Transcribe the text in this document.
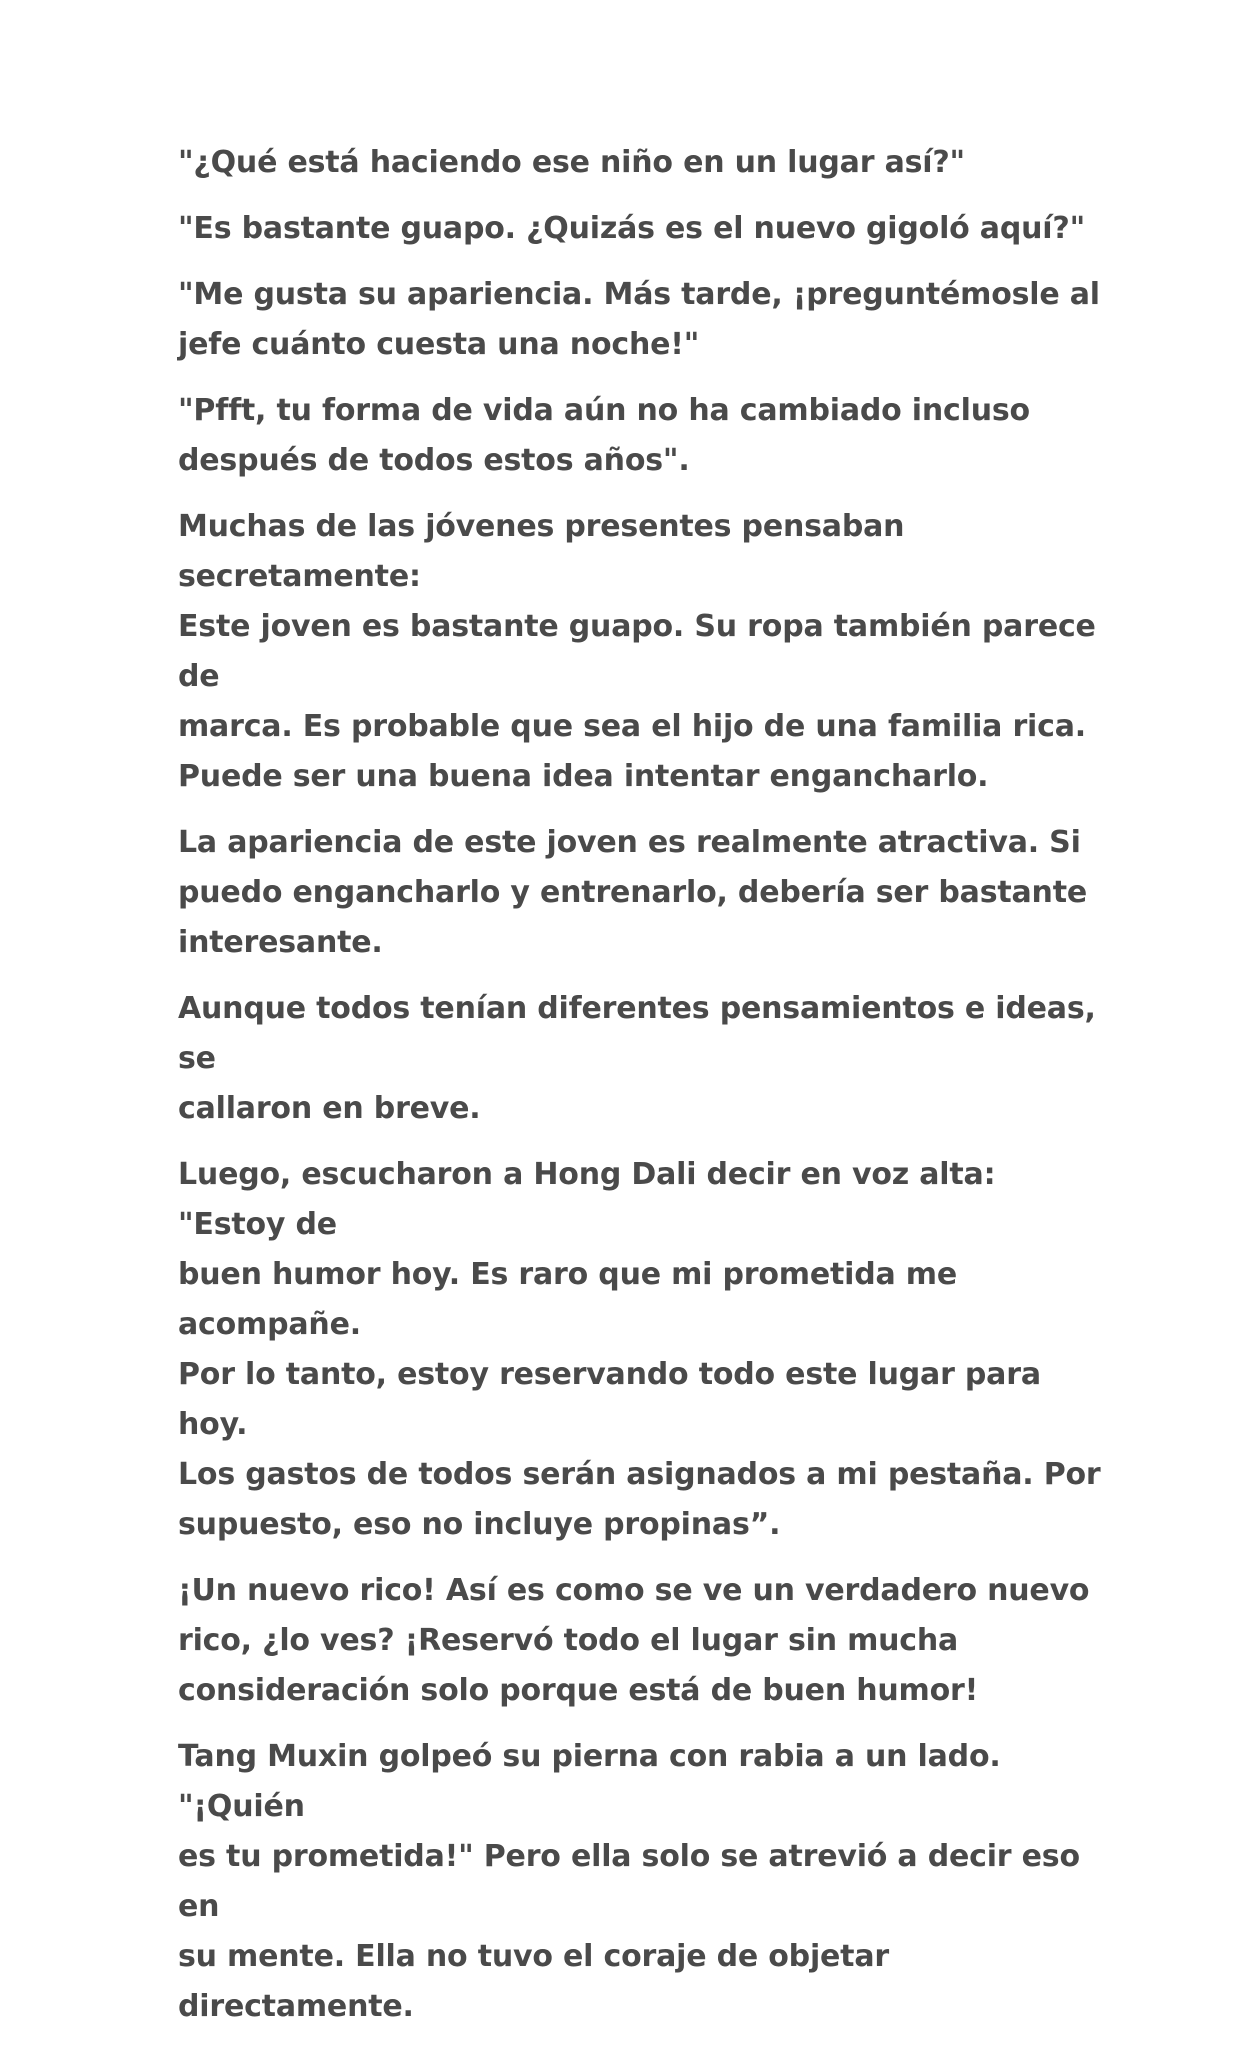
"¿Qué está haciendo ese niño en un lugar así?"

"Es bastante guapo. ¿Quizás es el nuevo gigoló aquí?"

"Me gusta su apariencia. Más tarde, ¡preguntémosle al
jefe cuánto cuesta una noche!"

"Pfft, tu forma de vida aún no ha cambiado incluso
después de todos estos años".

Muchas de las jóvenes presentes pensaban secretamente:
Este joven es bastante guapo. Su ropa también parece de
marca. Es probable que sea el hijo de una familia rica.
Puede ser una buena idea intentar engancharlo.

La apariencia de este joven es realmente atractiva. Si
puedo engancharlo y entrenarlo, debería ser bastante
interesante.

Aunque todos tenían diferentes pensamientos e ideas, se
callaron en breve.

Luego, escucharon a Hong Dali decir en voz alta: "Estoy de
buen humor hoy. Es raro que mi prometida me acompañe.
Por lo tanto, estoy reservando todo este lugar para hoy.
Los gastos de todos serán asignados a mi pestaña. Por
supuesto, eso no incluye propinas”.

¡Un nuevo rico! Así es como se ve un verdadero nuevo
rico, ¿lo ves? ¡Reservó todo el lugar sin mucha
consideración solo porque está de buen humor!

Tang Muxin golpeó su pierna con rabia a un lado. "¡Quién
es tu prometida!" Pero ella solo se atrevió a decir eso en
su mente. Ella no tuvo el coraje de objetar directamente.
